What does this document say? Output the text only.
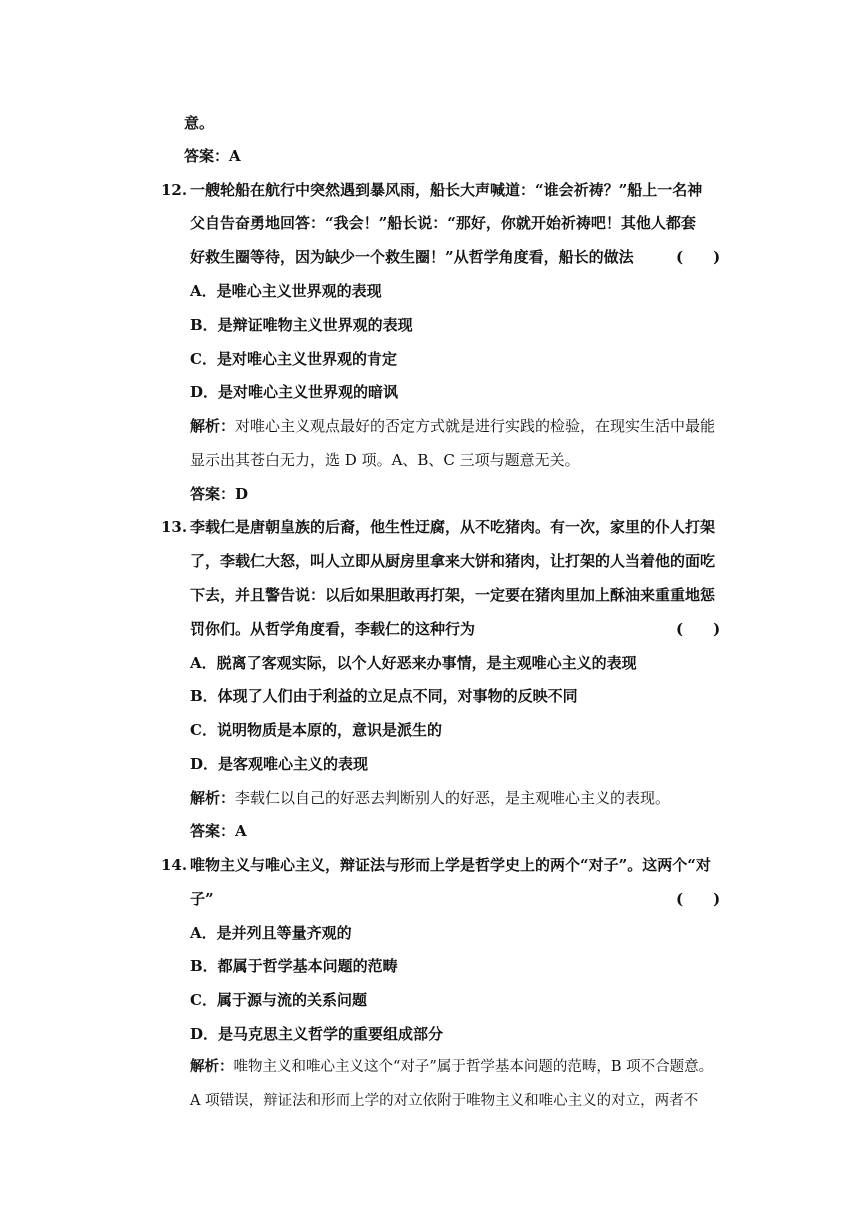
意。
答案：A
12. 一艘轮船在航行中突然遇到暴风雨，船长大声喊道：“谁会祈祷？”船上一名神
父自告奋勇地回答：“我会！”船长说：“那好，你就开始祈祷吧！其他人都套
好救生圈等待，因为缺少一个救生圈！”从哲学角度看，船长的做法	(　　)
A．是唯心主义世界观的表现
B．是辩证唯物主义世界观的表现
C．是对唯心主义世界观的肯定
D．是对唯心主义世界观的暗讽
解析：对唯心主义观点最好的否定方式就是进行实践的检验，在现实生活中最能
显示出其苍白无力，选 D 项。A、B、C 三项与题意无关。
答案：D
13. 李载仁是唐朝皇族的后裔，他生性迂腐，从不吃猪肉。有一次，家里的仆人打架
了，李载仁大怒，叫人立即从厨房里拿来大饼和猪肉，让打架的人当着他的面吃
下去，并且警告说：以后如果胆敢再打架，一定要在猪肉里加上酥油来重重地惩
罚你们。从哲学角度看，李载仁的这种行为	(　　)
A．脱离了客观实际，以个人好恶来办事情，是主观唯心主义的表现
B．体现了人们由于利益的立足点不同，对事物的反映不同
C．说明物质是本原的，意识是派生的
D．是客观唯心主义的表现
解析：李载仁以自己的好恶去判断别人的好恶，是主观唯心主义的表现。
答案：A
14. 唯物主义与唯心主义，辩证法与形而上学是哲学史上的两个“对子”。这两个“对
子”	(　　)
A．是并列且等量齐观的
B．都属于哲学基本问题的范畴
C．属于源与流的关系问题
D．是马克思主义哲学的重要组成部分
解析：唯物主义和唯心主义这个“对子”属于哲学基本问题的范畴，B 项不合题意。
A 项错误，辩证法和形而上学的对立依附于唯物主义和唯心主义的对立，两者不
